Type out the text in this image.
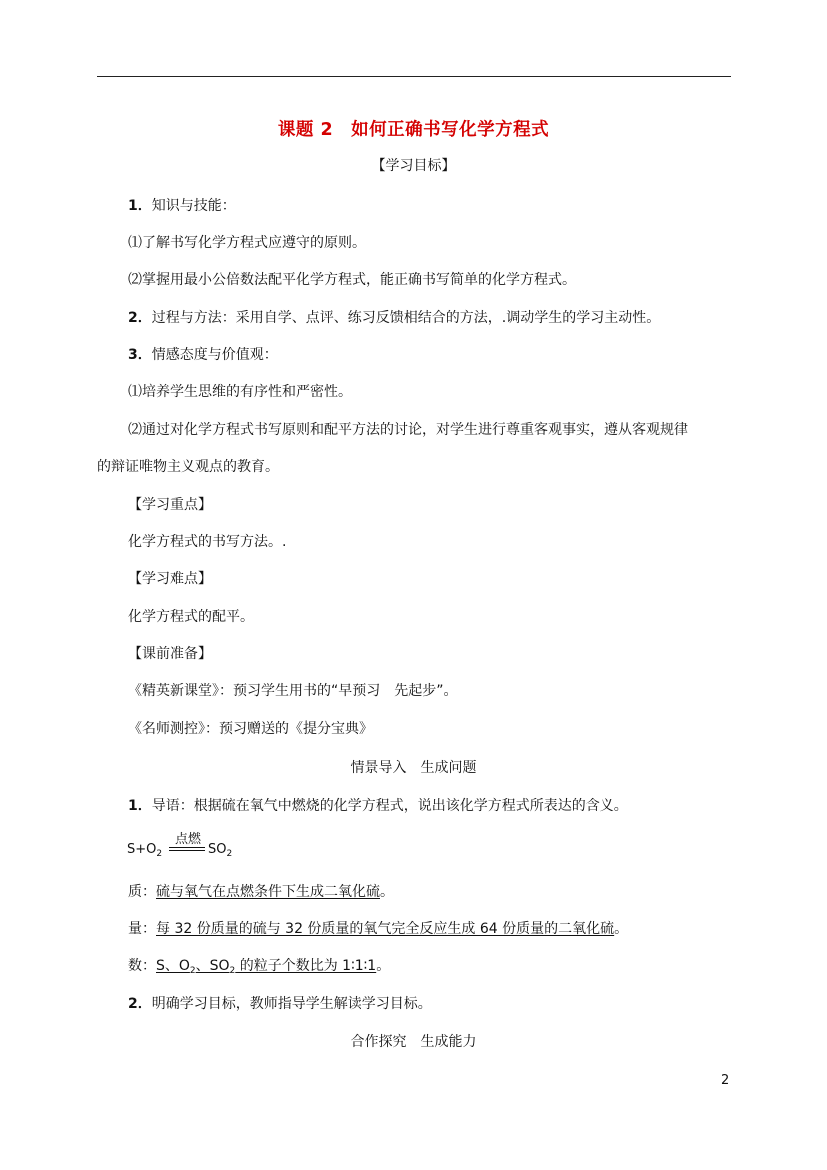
课题 2　如何正确书写化学方程式
【学习目标】
1．知识与技能：
⑴了解书写化学方程式应遵守的原则。
⑵掌握用最小公倍数法配平化学方程式，能正确书写简单的化学方程式。
2．过程与方法：采用自学、点评、练习反馈相结合的方法，.调动学生的学习主动性。
3．情感态度与价值观：
⑴培养学生思维的有序性和严密性。
⑵通过对化学方程式书写原则和配平方法的讨论，对学生进行尊重客观事实，遵从客观规律
的辩证唯物主义观点的教育。
【学习重点】
化学方程式的书写方法。.
【学习难点】
化学方程式的配平。
【课前准备】
《精英新课堂》：预习学生用书的“早预习　先起步”。
《名师测控》：预习赠送的《提分宝典》
情景导入　生成问题
1．导语：根据硫在氧气中燃烧的化学方程式，说出该化学方程式所表达的含义。
$S+O_2$
点燃
$SO_2$
质：硫与氧气在点燃条件下生成二氧化硫。
量：每 32 份质量的硫与 32 份质量的氧气完全反应生成 64 份质量的二氧化硫。
数：S、$O_2$、$SO_2$ 的粒子个数比为 1∶1∶1。
2．明确学习目标，教师指导学生解读学习目标。
合作探究　生成能力
2
